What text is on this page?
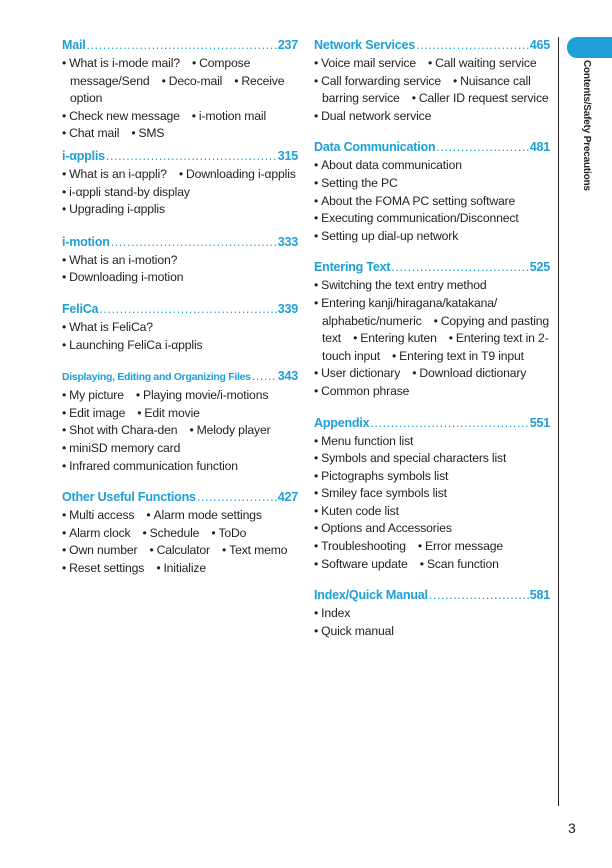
Contents/Safety Precautions
Mail .....	237
• What is i-mode mail?  • Compose message/Send  • Deco-mail  • Receive option
• Check new message  • i-motion mail
• Chat mail  • SMS
i-αpplis .....	315
• What is an i-αppli?  • Downloading i-αpplis
• i-αppli stand-by display
• Upgrading i-αpplis
i-motion .....	333
• What is an i-motion?
• Downloading i-motion
FeliCa .....	339
• What is FeliCa?
• Launching FeliCa i-αpplis
Displaying, Editing and Organizing Files ..... 343
• My picture  • Playing movie/i-motions
• Edit image  • Edit movie
• Shot with Chara-den  • Melody player
• miniSD memory card
• Infrared communication function
Other Useful Functions .....	427
• Multi access  • Alarm mode settings
• Alarm clock  • Schedule  • ToDo
• Own number  • Calculator  • Text memo
• Reset settings  • Initialize
Network Services .....	465
• Voice mail service  • Call waiting service
• Call forwarding service  • Nuisance call barring service  • Caller ID request service
• Dual network service
Data Communication .....	481
• About data communication
• Setting the PC
• About the FOMA PC setting software
• Executing communication/Disconnect
• Setting up dial-up network
Entering Text .....	525
• Switching the text entry method
• Entering kanji/hiragana/katakana/ alphabetic/numeric  • Copying and pasting text  • Entering kuten  • Entering text in 2-touch input  • Entering text in T9 input
• User dictionary  • Download dictionary
• Common phrase
Appendix .....	551
• Menu function list
• Symbols and special characters list
• Pictographs symbols list
• Smiley face symbols list
• Kuten code list
• Options and Accessories
• Troubleshooting  • Error message
• Software update  • Scan function
Index/Quick Manual .....	581
• Index
• Quick manual
3
